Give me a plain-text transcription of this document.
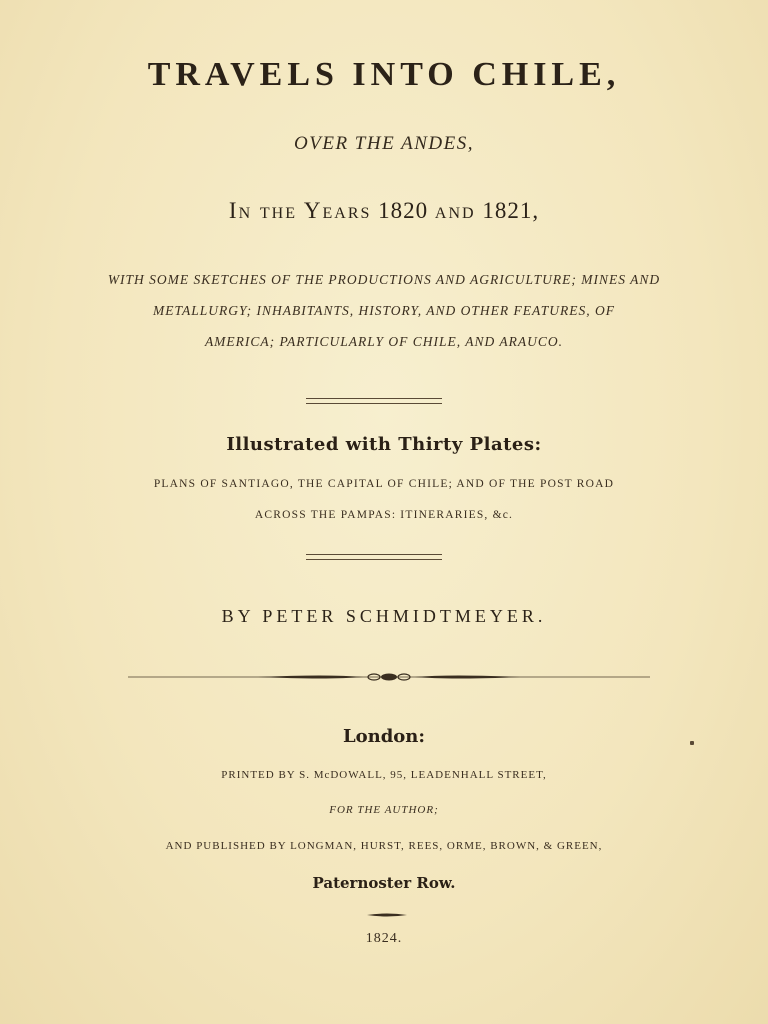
TRAVELS INTO CHILE,
OVER THE ANDES,
In the Years 1820 and 1821,
WITH SOME SKETCHES OF THE PRODUCTIONS AND AGRICULTURE; MINES AND
METALLURGY; INHABITANTS, HISTORY, AND OTHER FEATURES, OF
AMERICA; PARTICULARLY OF CHILE, AND ARAUCO.
Illustrated with Thirty Plates:
PLANS OF SANTIAGO, THE CAPITAL OF CHILE; AND OF THE POST ROAD
ACROSS THE PAMPAS: ITINERARIES, &c.
BY PETER SCHMIDTMEYER.
London:
PRINTED BY S. McDOWALL, 95, LEADENHALL STREET,
FOR THE AUTHOR;
AND PUBLISHED BY LONGMAN, HURST, REES, ORME, BROWN, & GREEN,
Paternoster Row.
1824.
